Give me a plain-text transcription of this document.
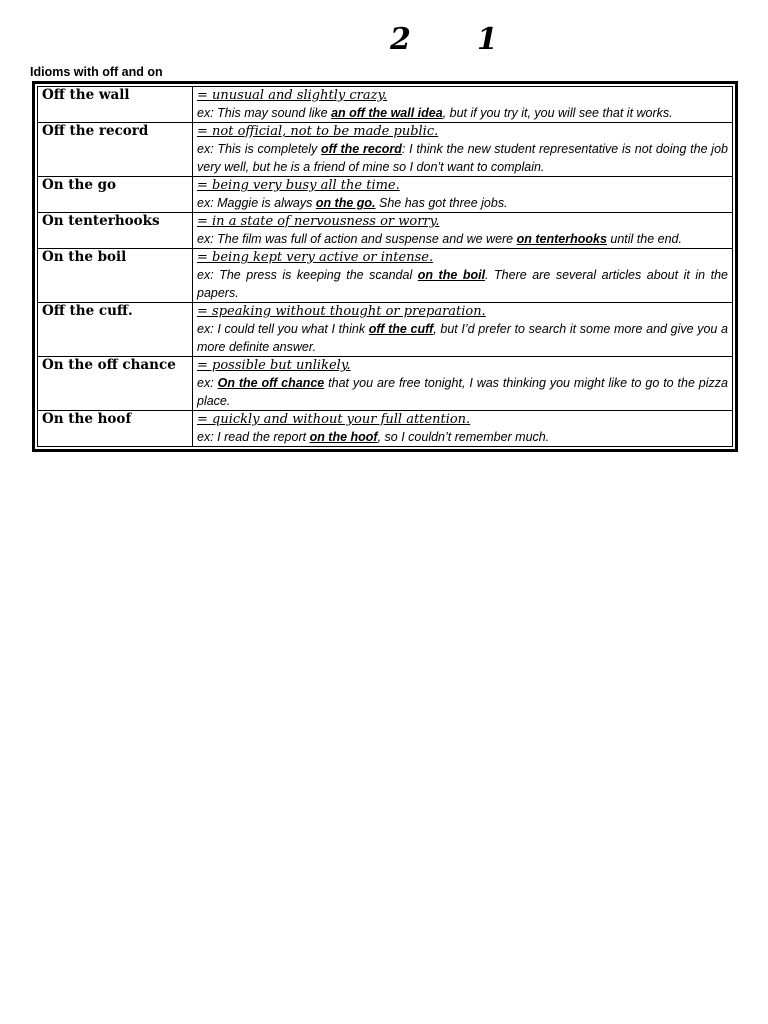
2 1
Idioms with off and on
Off the wall	= unusual and slightly crazy.
ex: This may sound like an off the wall idea, but if you try it, you will see that it works.

Off the record	= not official, not to be made public.
ex: This is completely off the record: I think the new student representative is not doing the job very well, but he is a friend of mine so I don’t want to complain.

On the go	= being very busy all the time.
ex: Maggie is always on the go. She has got three jobs.

On tenterhooks	= in a state of nervousness or worry.
ex: The film was full of action and suspense and we were on tenterhooks until the end.

On the boil	= being kept very active or intense.
ex: The press is keeping the scandal on the boil. There are several articles about it in the papers.

Off the cuff.	= speaking without thought or preparation.
ex: I could tell you what I think off the cuff, but I’d prefer to search it some more and give you a more definite answer.

On the off chance	= possible but unlikely.
ex: On the off chance that you are free tonight, I was thinking you might like to go to the pizza place.

On the hoof	= quickly and without your full attention.
ex: I read the report on the hoof, so I couldn’t remember much.
